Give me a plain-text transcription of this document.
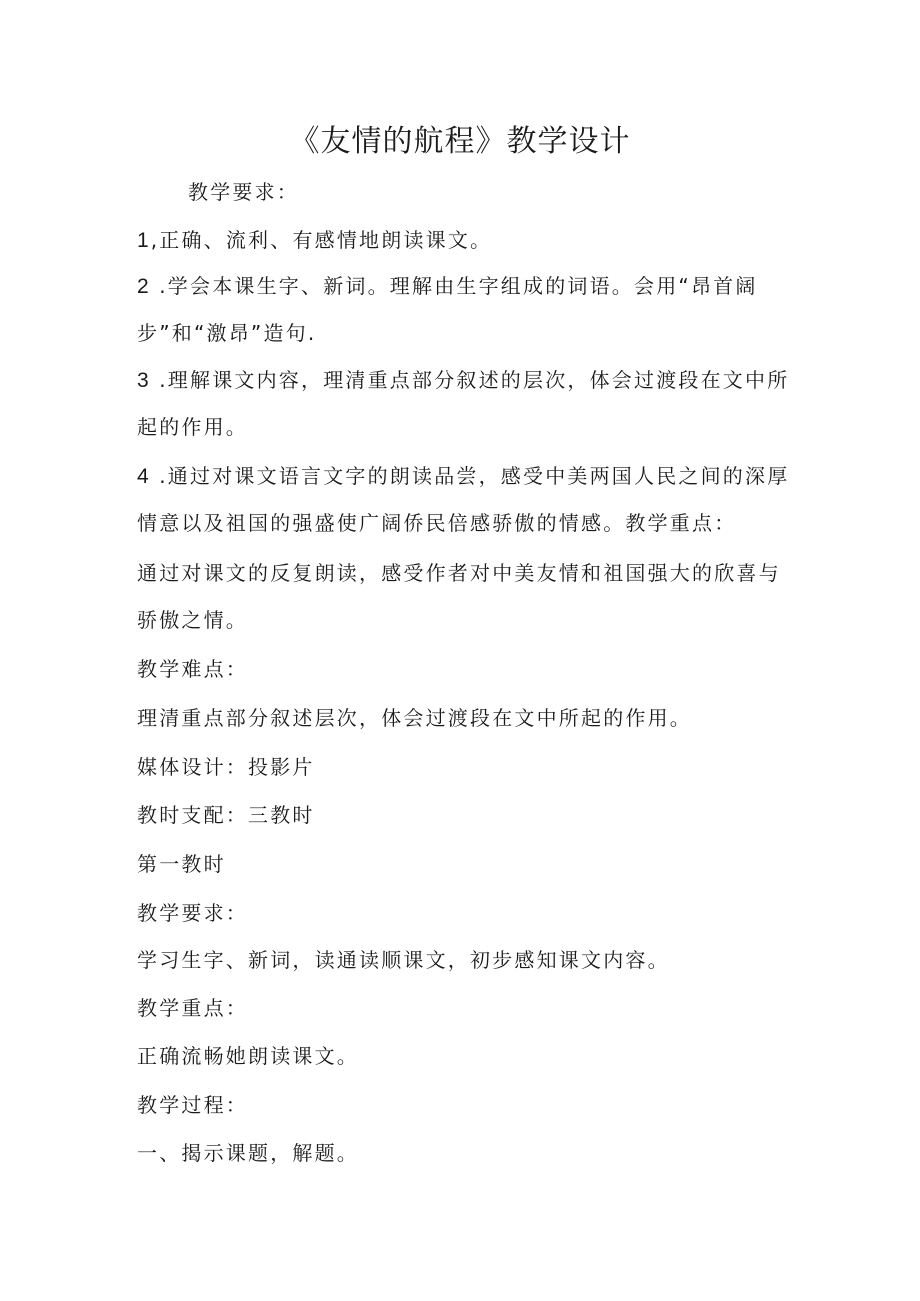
《友情的航程》教学设计
教学要求：
1 ,正确、流利、有感情地朗读课文。
2 .学会本课生字、新词。理解由生字组成的词语。会用“昂首阔
步”和“激昂”造句.
3 .理解课文内容，理清重点部分叙述的层次，体会过渡段在文中所
起的作用。
4 .通过对课文语言文字的朗读品尝，感受中美两国人民之间的深厚
情意以及祖国的强盛使广阔侨民倍感骄傲的情感。教学重点：
通过对课文的反复朗读，感受作者对中美友情和祖国强大的欣喜与
骄傲之情。
教学难点：
理清重点部分叙述层次，体会过渡段在文中所起的作用。
媒体设计：投影片
教时支配：三教时
第一教时
教学要求：
学习生字、新词，读通读顺课文，初步感知课文内容。
教学重点：
正确流畅她朗读课文。
教学过程：
一、揭示课题，解题。
